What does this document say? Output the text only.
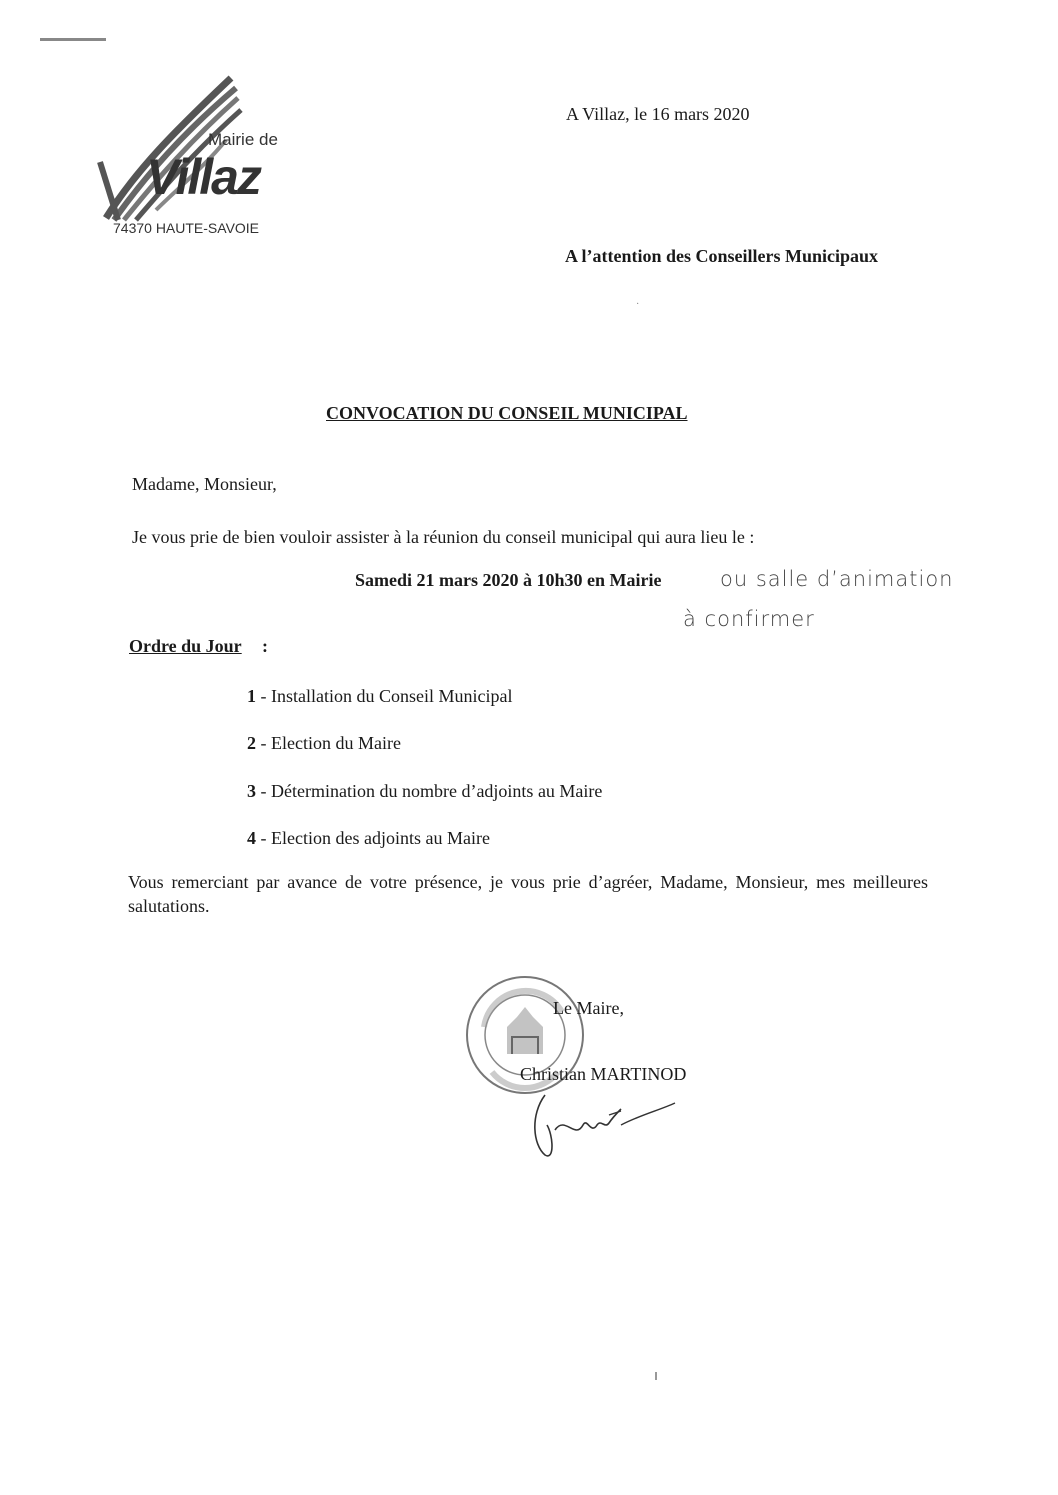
Mairie de
Villaz
74370 HAUTE-SAVOIE
A Villaz, le 16 mars 2020
A l’attention des Conseillers Municipaux
·
CONVOCATION DU CONSEIL MUNICIPAL
Madame, Monsieur,
Je vous prie de bien vouloir assister à la réunion du conseil municipal qui aura lieu le :
Samedi 21 mars 2020 à 10h30 en Mairie	ou salle d’animation
à confirmer
Ordre du Jour :
1 - Installation du Conseil Municipal
2 - Election du Maire
3 - Détermination du nombre d’adjoints au Maire
4 - Election des adjoints au Maire
Vous remerciant par avance de votre présence, je vous prie d’agréer, Madame, Monsieur, mes meilleures salutations.
Le Maire,
Christian MARTINOD
